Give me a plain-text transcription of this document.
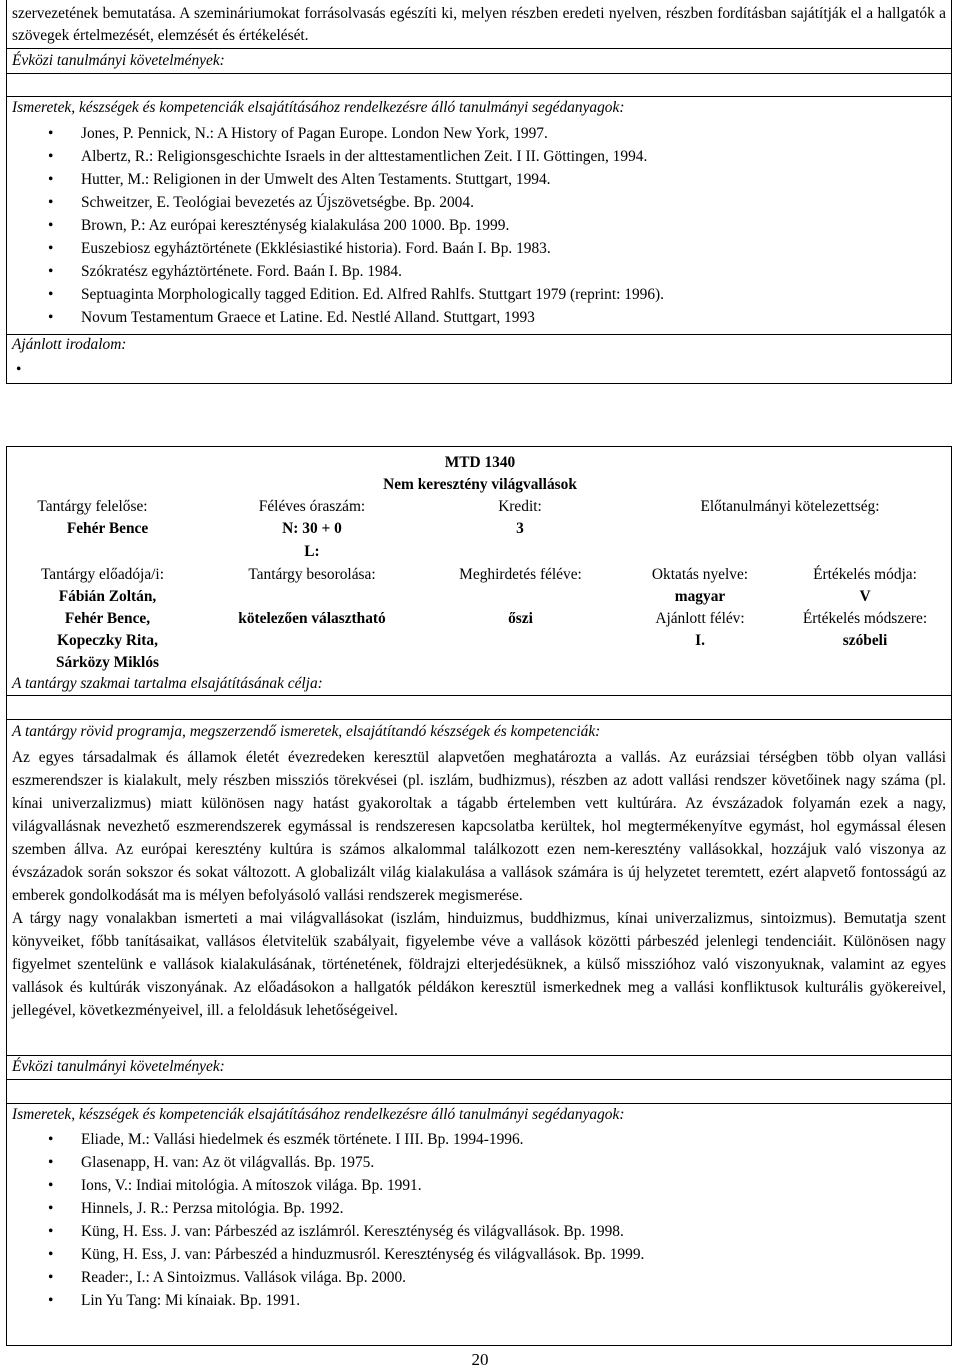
szervezetének bemutatása. A szemináriumokat forrásolvasás egészíti ki, melyen részben eredeti nyelven, részben fordításban sajátítják el a hallgatók a szövegek értelmezését, elemzését és értékelését.

Évközi tanulmányi követelmények:
Ismeretek, készségek és kompetenciák elsajátításához rendelkezésre álló tanulmányi segédanyagok:
• Jones, P. Pennick, N.: A History of Pagan Europe. London New York, 1997.
• Albertz, R.: Religionsgeschichte Israels in der alttestamentlichen Zeit. I II. Göttingen, 1994.
• Hutter, M.: Religionen in der Umwelt des Alten Testaments. Stuttgart, 1994.
• Schweitzer, E. Teológiai bevezetés az Újszövetségbe. Bp. 2004.
• Brown, P.: Az európai kereszténység kialakulása 200 1000. Bp. 1999.
• Euszebiosz egyháztörténete (Ekklésiastiké historia). Ford. Baán I. Bp. 1983.
• Szókratész egyháztörténete. Ford. Baán I. Bp. 1984.
• Septuaginta Morphologically tagged Edition. Ed. Alfred Rahlfs. Stuttgart 1979 (reprint: 1996).
• Novum Testamentum Graece et Latine. Ed. Nestlé Alland. Stuttgart, 1993
Ajánlott irodalom:
•
MTD 1340
Nem keresztény világvallások
Tantárgy felelőse:
Fehér Bence
Féléves óraszám:
N: 30 + 0
L:
Kredit:
3
Előtanulmányi kötelezettség:
Tantárgy előadója/i:
Fábián Zoltán,
Fehér Bence,
Kopeczky Rita,
Sárközy Miklós
Tantárgy besorolása:
kötelezően választható
Meghirdetés féléve:
őszi
Oktatás nyelve:
magyar
Ajánlott félév:
I.
Értékelés módja:
V
Értékelés módszere:
szóbeli
A tantárgy szakmai tartalma elsajátításának célja:
A tantárgy rövid programja, megszerzendő ismeretek, elsajátítandó készségek és kompetenciák:

Az egyes társadalmak és államok életét évezredeken keresztül alapvetően meghatározta a vallás. Az eurázsiai térségben több olyan vallási eszmerendszer is kialakult, mely részben missziós törekvései (pl. iszlám, budhizmus), részben az adott vallási rendszer követőinek nagy száma (pl. kínai univerzalizmus) miatt különösen nagy hatást gyakoroltak a tágabb értelemben vett kultúrára. Az évszázadok folyamán ezek a nagy, világvallásnak nevezhető eszmerendszerek egymással is rendszeresen kapcsolatba kerültek, hol megtermékenyítve egymást, hol egymással élesen szemben állva. Az európai keresztény kultúra is számos alkalommal találkozott ezen nem-keresztény vallásokkal, hozzájuk való viszonya az évszázadok során sokszor és sokat változott. A globalizált világ kialakulása a vallások számára is új helyzetet teremtett, ezért alapvető fontosságú az emberek gondolkodását ma is mélyen befolyásoló vallási rendszerek megismerése.

A tárgy nagy vonalakban ismerteti a mai világvallásokat (iszlám, hinduizmus, buddhizmus, kínai univerzalizmus, sintoizmus). Bemutatja szent könyveiket, főbb tanításaikat, vallásos életvitelük szabályait, figyelembe véve a vallások közötti párbeszéd jelenlegi tendenciáit. Különösen nagy figyelmet szentelünk e vallások kialakulásának, történetének, földrajzi elterjedésüknek, a külső misszióhoz való viszonyuknak, valamint az egyes vallások és kultúrák viszonyának. Az előadásokon a hallgatók példákon keresztül ismerkednek meg a vallási konfliktusok kulturális gyökereivel, jellegével, következményeivel, ill. a feloldásuk lehetőségeivel.

Évközi tanulmányi követelmények:
Ismeretek, készségek és kompetenciák elsajátításához rendelkezésre álló tanulmányi segédanyagok:
• Eliade, M.: Vallási hiedelmek és eszmék története. I III. Bp. 1994-1996.
• Glasenapp, H. van: Az öt világvallás. Bp. 1975.
• Ions, V.: Indiai mitológia. A mítoszok világa. Bp. 1991.
• Hinnels, J. R.: Perzsa mitológia. Bp. 1992.
• Küng, H. Ess. J. van: Párbeszéd az iszlámról. Kereszténység és világvallások. Bp. 1998.
• Küng, H. Ess, J. van: Párbeszéd a hinduzmusról. Kereszténység és világvallások. Bp. 1999.
• Reader:, I.: A Sintoizmus. Vallások világa. Bp. 2000.
• Lin Yu Tang: Mi kínaiak. Bp. 1991.
20
